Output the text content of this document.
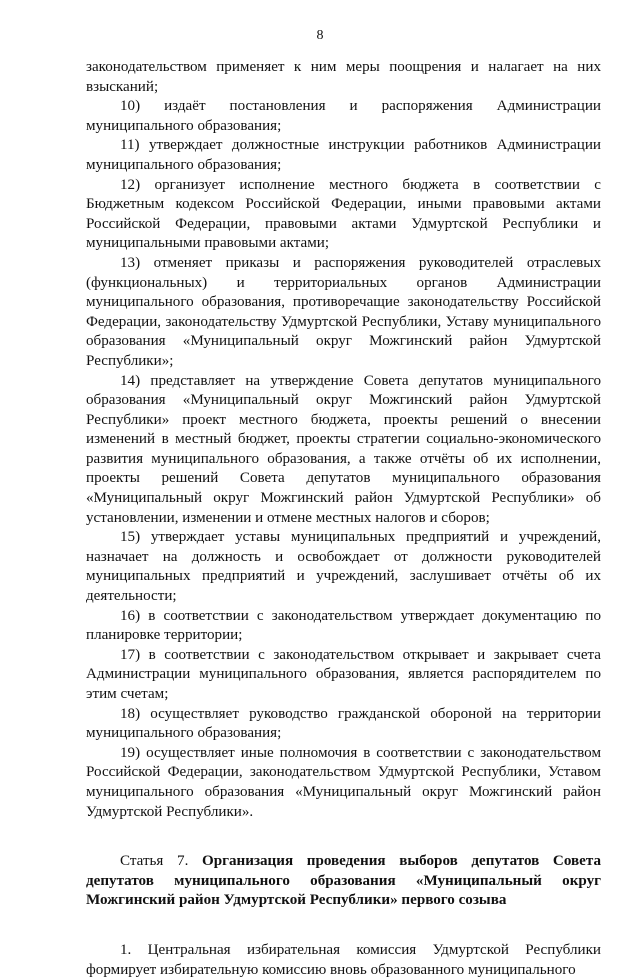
8

законодательством применяет к ним меры поощрения и налагает на них взысканий;

10) издаёт постановления и распоряжения Администрации муниципального образования;

11) утверждает должностные инструкции работников Администрации муниципального образования;

12) организует исполнение местного бюджета в соответствии с Бюджетным кодексом Российской Федерации, иными правовыми актами Российской Федерации, правовыми актами Удмуртской Республики и муниципальными правовыми актами;

13) отменяет приказы и распоряжения руководителей отраслевых (функциональных) и территориальных органов Администрации муниципального образования, противоречащие законодательству Российской Федерации, законодательству Удмуртской Республики, Уставу муниципального образования «Муниципальный округ Можгинский район Удмуртской Республики»;

14) представляет на утверждение Совета депутатов муниципального образования «Муниципальный округ Можгинский район Удмуртской Республики» проект местного бюджета, проекты решений о внесении изменений в местный бюджет, проекты стратегии социально-экономического развития муниципального образования, а также отчёты об их исполнении, проекты решений Совета депутатов муниципального образования «Муниципальный округ Можгинский район Удмуртской Республики» об установлении, изменении и отмене местных налогов и сборов;

15) утверждает уставы муниципальных предприятий и учреждений, назначает на должность и освобождает от должности руководителей муниципальных предприятий и учреждений, заслушивает отчёты об их деятельности;

16) в соответствии с законодательством утверждает документацию по планировке территории;

17) в соответствии с законодательством открывает и закрывает счета Администрации муниципального образования, является распорядителем по этим счетам;

18) осуществляет руководство гражданской обороной на территории муниципального образования;

19) осуществляет иные полномочия в соответствии с законодательством Российской Федерации, законодательством Удмуртской Республики, Уставом муниципального образования «Муниципальный округ Можгинский район Удмуртской Республики».

Статья 7. Организация проведения выборов депутатов Совета депутатов муниципального образования «Муниципальный округ Можгинский район Удмуртской Республики» первого созыва

1. Центральная избирательная комиссия Удмуртской Республики формирует избирательную комиссию вновь образованного муниципального
